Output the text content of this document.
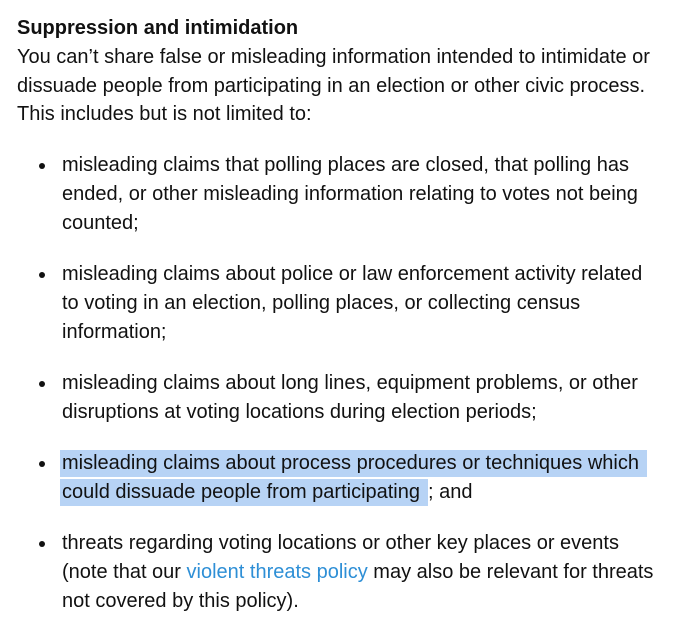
Suppression and intimidation

You can’t share false or misleading information intended to intimidate or dissuade people from participating in an election or other civic process. This includes but is not limited to:

misleading claims that polling places are closed, that polling has ended, or other misleading information relating to votes not being counted;
misleading claims about police or law enforcement activity related to voting in an election, polling places, or collecting census information;
misleading claims about long lines, equipment problems, or other disruptions at voting locations during election periods;
misleading claims about process procedures or techniques which could dissuade people from participating ; and
threats regarding voting locations or other key places or events (note that our violent threats policy may also be relevant for threats not covered by this policy).
